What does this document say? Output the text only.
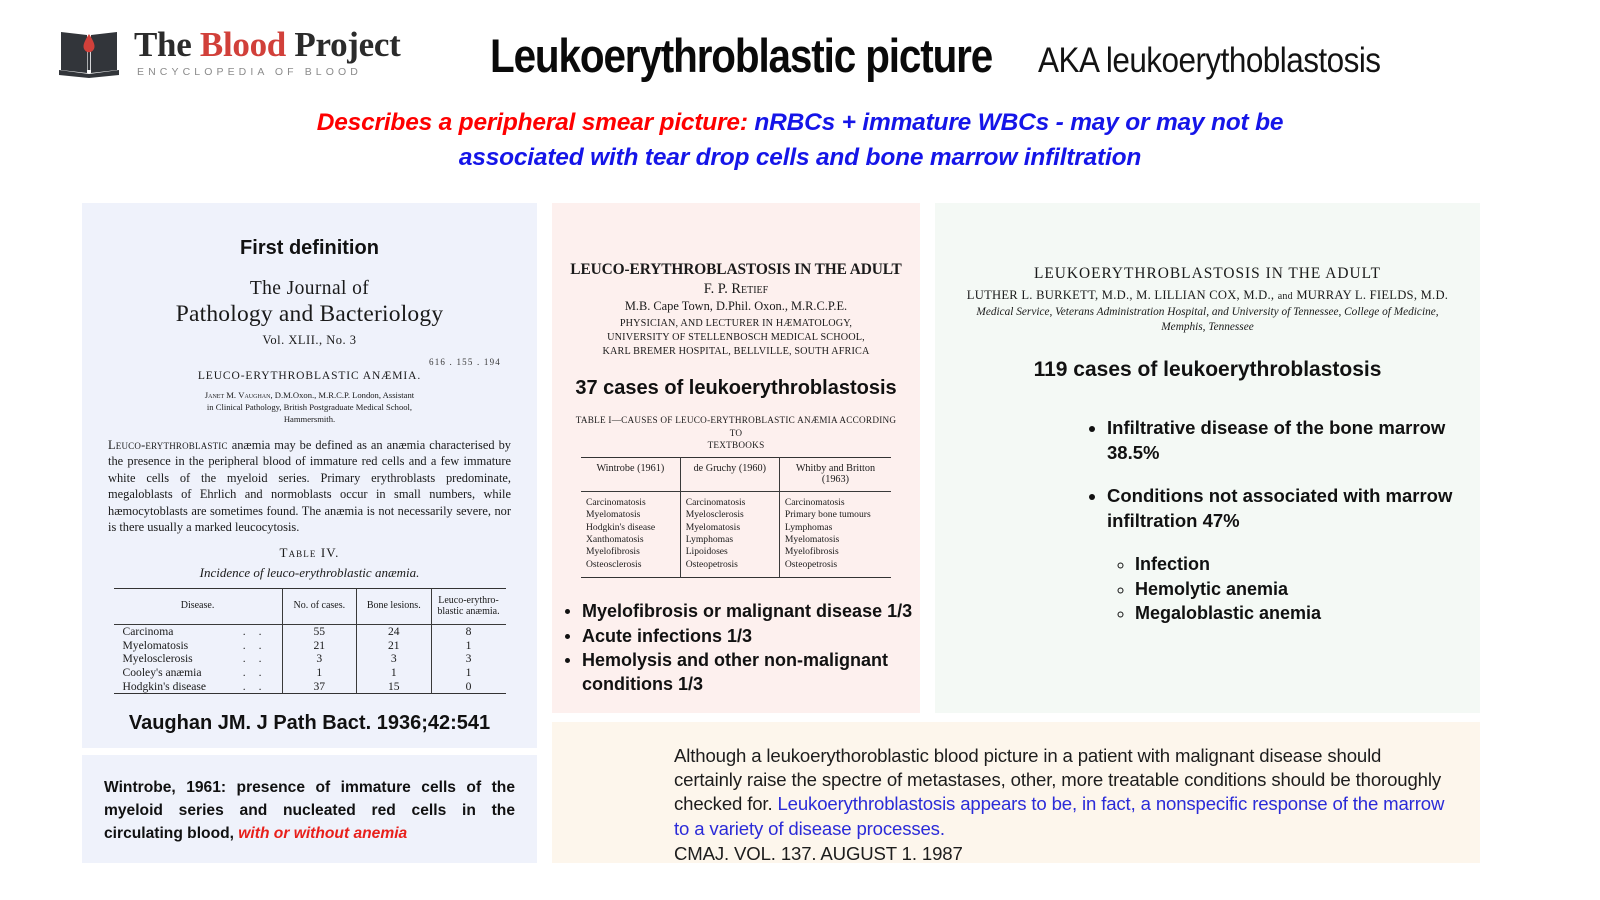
The Blood Project
ENCYCLOPEDIA OF BLOOD	Leukoerythroblastic picture AKA leukoerythoblastosis
Describes a peripheral smear picture: nRBCs + immature WBCs - may or may not be
associated with tear drop cells and bone marrow infiltration
First definition
The Journal of
Pathology and Bacteriology
Vol. XLII., No. 3
616 . 155 . 194
LEUCO-ERYTHROBLASTIC ANÆMIA.
Janet M. Vaughan, D.M.Oxon., M.R.C.P. London, Assistant
in Clinical Pathology, British Postgraduate Medical School,
Hammersmith.
Leuco-erythroblastic anæmia may be defined as an anæmia characterised by the presence in the peripheral blood of immature red cells and a few immature white cells of the myeloid series. Primary erythroblasts predominate, megaloblasts of Ehrlich and normoblasts occur in small numbers, while hæmocytoblasts are sometimes found. The anæmia is not necessarily severe, nor is there usually a marked leucocytosis.
Table IV.
Incidence of leuco-erythroblastic anæmia.
Disease.	No. of cases.	Bone lesions.	Leuco-erythro-
blastic anæmia.
Carcinoma ..	55	24	8
Myelomatosis ..	21	21	1
Myelosclerosis ..	3	3	3
Cooley's anæmia ..	1	1	1
Hodgkin's disease ..	37	15	0
Vaughan JM. J Path Bact. 1936;42:541
Wintrobe, 1961: presence of immature cells of the myeloid series and nucleated red cells in the circulating blood, with or without anemia
LEUCO-ERYTHROBLASTOSIS IN THE ADULT
F. P. Retief
M.B. Cape Town, D.Phil. Oxon., M.R.C.P.E.
PHYSICIAN, AND LECTURER IN HÆMATOLOGY,
UNIVERSITY OF STELLENBOSCH MEDICAL SCHOOL,
KARL BREMER HOSPITAL, BELLVILLE, SOUTH AFRICA
37 cases of leukoerythroblastosis
TABLE I—CAUSES OF LEUCO-ERYTHROBLASTIC ANÆMIA ACCORDING TO
TEXTBOOKS
Wintrobe (1961)	de Gruchy (1960)	Whitby and Britton (1963)
Carcinomatosis
Myelomatosis
Hodgkin's disease
Xanthomatosis
Myelofibrosis
Osteosclerosis	Carcinomatosis
Myelosclerosis
Myelomatosis
Lymphomas
Lipoidoses
Osteopetrosis	Carcinomatosis
Primary bone tumours
Lymphomas
Myelomatosis
Myelofibrosis
Osteopetrosis
• Myelofibrosis or malignant disease 1/3
• Acute infections 1/3
• Hemolysis and other non-malignant conditions 1/3
LEUKOERYTHROBLASTOSIS IN THE ADULT
LUTHER L. BURKETT, M.D., M. LILLIAN COX, M.D., and MURRAY L. FIELDS, M.D.
Medical Service, Veterans Administration Hospital, and University of Tennessee, College of Medicine,
Memphis, Tennessee
119 cases of leukoerythroblastosis
• Infiltrative disease of the bone marrow 38.5%
• Conditions not associated with marrow infiltration 47%
◦ Infection
◦ Hemolytic anemia
◦ Megaloblastic anemia
Although a leukoerythoroblastic blood picture in a patient with malignant disease should certainly raise the spectre of metastases, other, more treatable conditions should be thoroughly checked for. Leukoerythroblastosis appears to be, in fact, a nonspecific response of the marrow to a variety of disease processes.
CMAJ. VOL. 137. AUGUST 1. 1987
